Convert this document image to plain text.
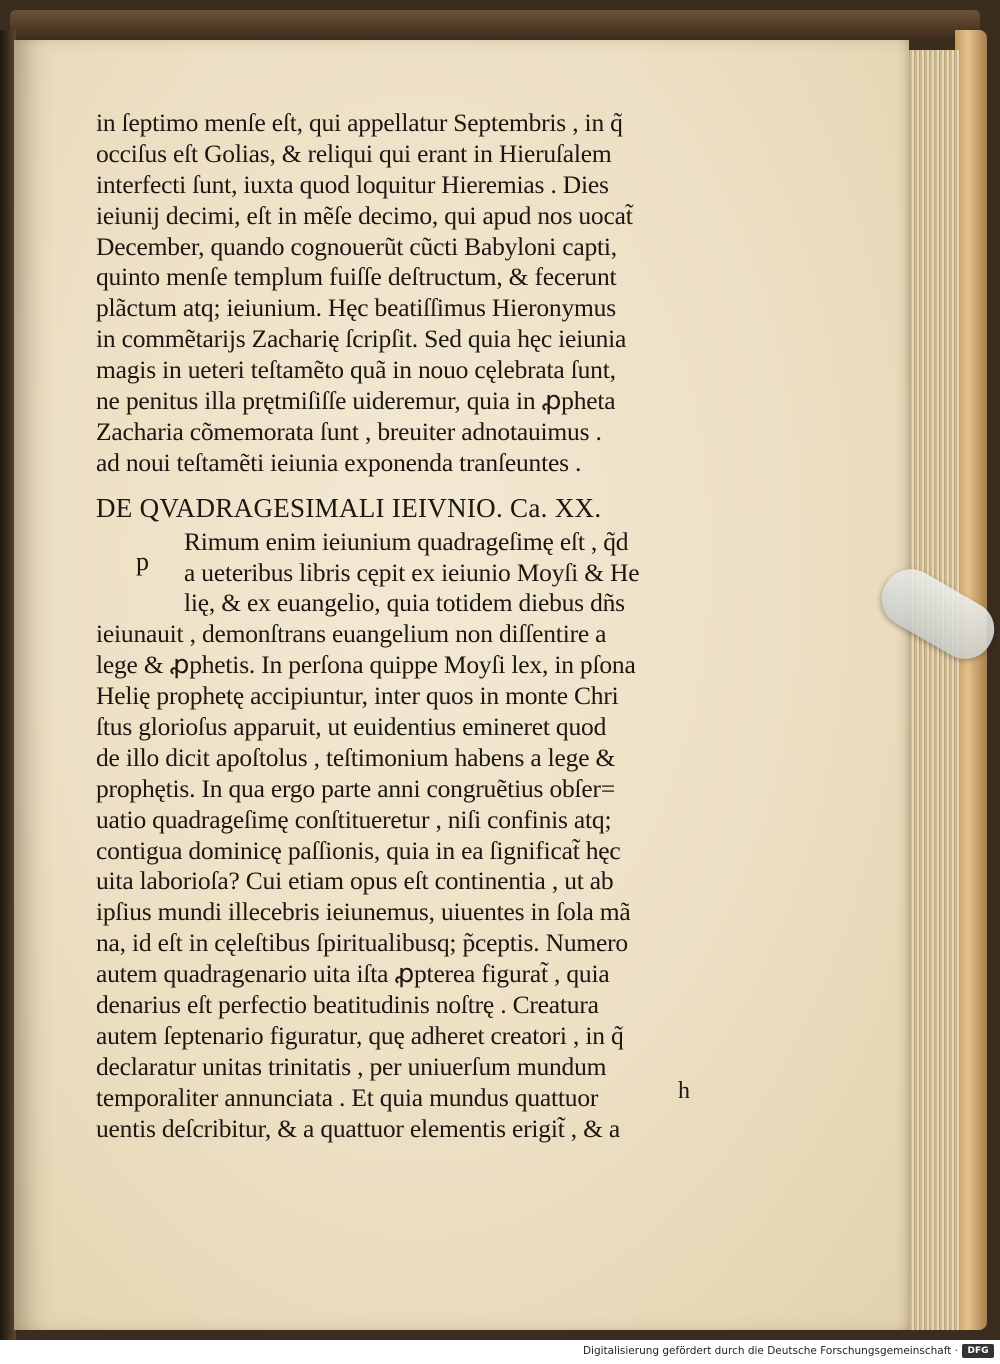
in ſeptimo menſe eſt, qui appellatur Septembris , in q̃
occiſus eſt Golias, & reliqui qui erant in Hieruſalem
interfecti ſunt, iuxta quod loquitur Hieremias . Dies
ieiunij decimi, eſt in mẽſe decimo, qui apud nos uocat̃
December, quando cognouerũt cũcti Babyloni capti,
quinto menſe templum fuiſſe deſtructum, & fecerunt
plãctum atq; ieiunium. Hęc beatiſſimus Hieronymus
in commẽtarijs Zacharię ſcripſit. Sed quia hęc ieiunia
magis in ueteri teſtamẽto quã in nouo cęlebrata ſunt,
ne penitus illa prętmiſiſſe uideremur, quia in ꝓpheta
Zacharia cõmemorata ſunt , breuiter adnotauimus .
ad noui teſtamẽti ieiunia exponenda tranſeuntes .
DE QVADRAGESIMALI IEIVNIO. Ca. XX.
Rimum enim ieiunium quadrageſimę eſt , q̃d
a ueteribus libris cępit ex ieiunio Moyſi & He
lię, & ex euangelio, quia totidem diebus dñs
ieiunauit , demonſtrans euangelium non diſſentire a
lege & ꝓphetis. In perſona quippe Moyſi lex, in pſona
Helię prophetę accipiuntur, inter quos in monte Chri
ſtus glorioſus apparuit, ut euidentius emineret quod
de illo dicit apoſtolus , teſtimonium habens a lege &
prophętis. In qua ergo parte anni congruẽtius obſer=
uatio quadrageſimę conſtitueretur , niſi confinis atq;
contigua dominicę paſſionis, quia in ea ſignificat̃ hęc
uita laborioſa? Cui etiam opus eſt continentia , ut ab
ipſius mundi illecebris ieiunemus, uiuentes in ſola mã
na, id eſt in cęleſtibus ſpiritualibusq; p̃ceptis. Numero
autem quadragenario uita iſta ꝓpterea figurat̃ , quia
denarius eſt perfectio beatitudinis noſtrę . Creatura
autem ſeptenario figuratur, quę adheret creatori , in q̃
declaratur unitas trinitatis , per uniuerſum mundum
temporaliter annunciata . Et quia mundus quattuor
uentis deſcribitur, & a quattuor elementis erigit̃ , & a
p
h
Digitalisierung gefördert durch die Deutsche Forschungsgemeinschaft ·	DFG
